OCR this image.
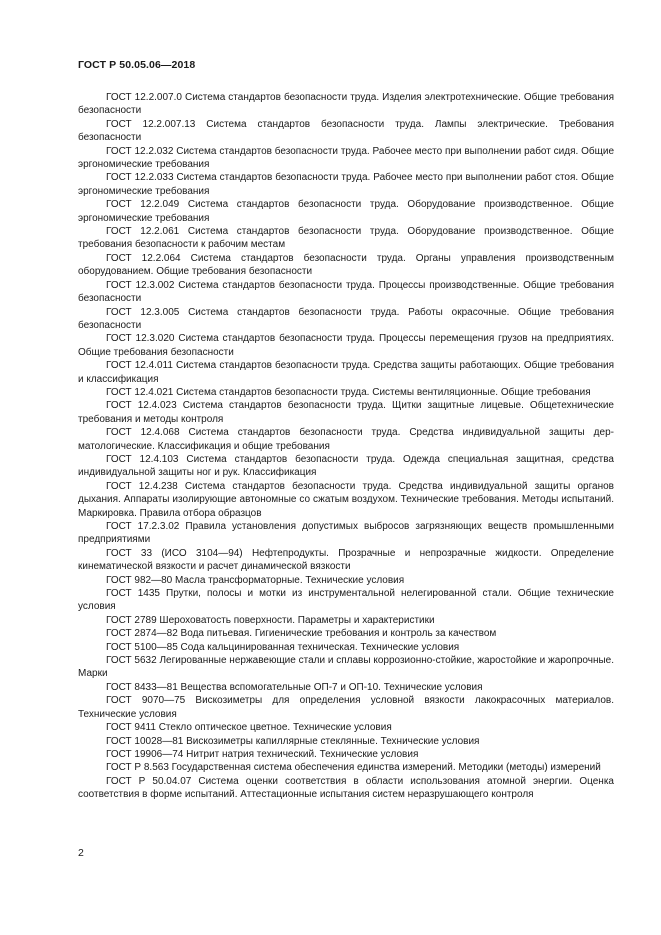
ГОСТ Р 50.05.06—2018

ГОСТ 12.2.007.0 Система стандартов безопасности труда. Изделия электротехнические. Общие требования безопасности

ГОСТ 12.2.007.13 Система стандартов безопасности труда. Лампы электрические. Требования безопасности

ГОСТ 12.2.032 Система стандартов безопасности труда. Рабочее место при выполнении работ сидя. Общие эргономические требования

ГОСТ 12.2.033 Система стандартов безопасности труда. Рабочее место при выполнении работ стоя. Общие эргономические требования

ГОСТ 12.2.049 Система стандартов безопасности труда. Оборудование производственное. Общие эргономические требования

ГОСТ 12.2.061 Система стандартов безопасности труда. Оборудование производственное. Общие требования безопасности к рабочим местам

ГОСТ 12.2.064 Система стандартов безопасности труда. Органы управления производственным оборудованием. Общие требования безопасности

ГОСТ 12.3.002 Система стандартов безопасности труда. Процессы производственные. Общие требования безопасности

ГОСТ 12.3.005 Система стандартов безопасности труда. Работы окрасочные. Общие требования безопасности

ГОСТ 12.3.020 Система стандартов безопасности труда. Процессы перемещения грузов на предприятиях. Общие требования безопасности

ГОСТ 12.4.011 Система стандартов безопасности труда. Средства защиты работающих. Общие требования и классификация

ГОСТ 12.4.021 Система стандартов безопасности труда. Системы вентиляционные. Общие требования

ГОСТ 12.4.023 Система стандартов безопасности труда. Щитки защитные лицевые. Общетехнические требования и методы контроля

ГОСТ 12.4.068 Система стандартов безопасности труда. Средства индивидуальной защиты дерматологические. Классификация и общие требования

ГОСТ 12.4.103 Система стандартов безопасности труда. Одежда специальная защитная, средства индивидуальной защиты ног и рук. Классификация

ГОСТ 12.4.238 Система стандартов безопасности труда. Средства индивидуальной защиты органов дыхания. Аппараты изолирующие автономные со сжатым воздухом. Технические требования. Методы испытаний. Маркировка. Правила отбора образцов

ГОСТ 17.2.3.02 Правила установления допустимых выбросов загрязняющих веществ промышленными предприятиями

ГОСТ 33 (ИСО 3104—94) Нефтепродукты. Прозрачные и непрозрачные жидкости. Определение кинематической вязкости и расчет динамической вязкости

ГОСТ 982—80 Масла трансформаторные. Технические условия

ГОСТ 1435 Прутки, полосы и мотки из инструментальной нелегированной стали. Общие технические условия

ГОСТ 2789 Шероховатость поверхности. Параметры и характеристики

ГОСТ 2874—82 Вода питьевая. Гигиенические требования и контроль за качеством

ГОСТ 5100—85 Сода кальцинированная техническая. Технические условия

ГОСТ 5632 Легированные нержавеющие стали и сплавы коррозионно-стойкие, жаростойкие и жаропрочные. Марки

ГОСТ 8433—81 Вещества вспомогательные ОП-7 и ОП-10. Технические условия

ГОСТ 9070—75 Вискозиметры для определения условной вязкости лакокрасочных материалов. Технические условия

ГОСТ 9411 Стекло оптическое цветное. Технические условия

ГОСТ 10028—81 Вискозиметры капиллярные стеклянные. Технические условия

ГОСТ 19906—74 Нитрит натрия технический. Технические условия

ГОСТ Р 8.563 Государственная система обеспечения единства измерений. Методики (методы) измерений

ГОСТ Р 50.04.07 Система оценки соответствия в области использования атомной энергии. Оценка соответствия в форме испытаний. Аттестационные испытания систем неразрушающего контроля

2
